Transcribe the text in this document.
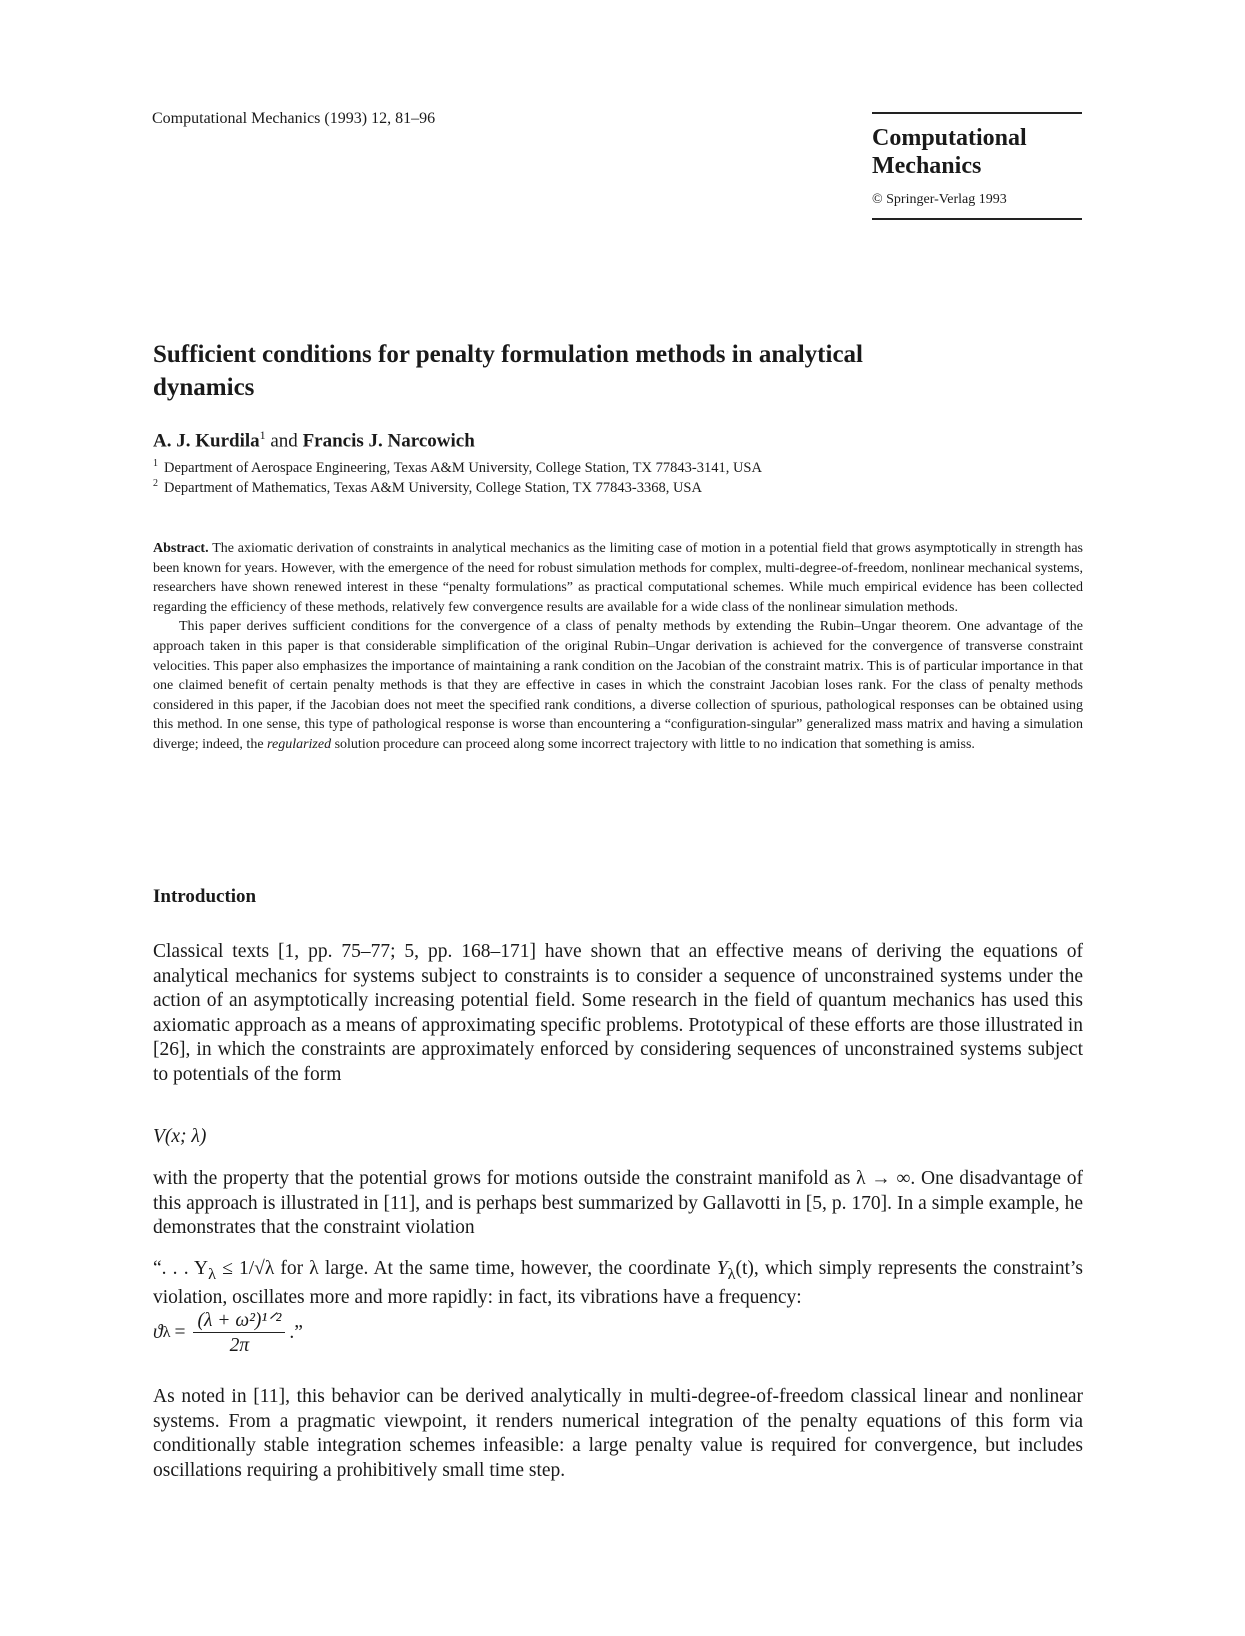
Computational Mechanics (1993) 12, 81–96
Computational
Mechanics
© Springer-Verlag 1993
Sufficient conditions for penalty formulation methods in analytical dynamics
A. J. Kurdila$^1$ and Francis J. Narcowich
$^1$ Department of Aerospace Engineering, Texas A&M University, College Station, TX 77843-3141, USA
$^2$ Department of Mathematics, Texas A&M University, College Station, TX 77843-3368, USA

Abstract. The axiomatic derivation of constraints in analytical mechanics as the limiting case of motion in a potential field that grows asymptotically in strength has been known for years. However, with the emergence of the need for robust simulation methods for complex, multi-degree-of-freedom, nonlinear mechanical systems, researchers have shown renewed interest in these “penalty formulations” as practical computational schemes. While much empirical evidence has been collected regarding the efficiency of these methods, relatively few convergence results are available for a wide class of the nonlinear simulation methods.

This paper derives sufficient conditions for the convergence of a class of penalty methods by extending the Rubin–Ungar theorem. One advantage of the approach taken in this paper is that considerable simplification of the original Rubin–Ungar derivation is achieved for the convergence of transverse constraint velocities. This paper also emphasizes the importance of maintaining a rank condition on the Jacobian of the constraint matrix. This is of particular importance in that one claimed benefit of certain penalty methods is that they are effective in cases in which the constraint Jacobian loses rank. For the class of penalty methods considered in this paper, if the Jacobian does not meet the specified rank conditions, a diverse collection of spurious, pathological responses can be obtained using this method. In one sense, this type of pathological response is worse than encountering a “configuration-singular” generalized mass matrix and having a simulation diverge; indeed, the regularized solution procedure can proceed along some incorrect trajectory with little to no indication that something is amiss.

Introduction

Classical texts [1, pp. 75–77; 5, pp. 168–171] have shown that an effective means of deriving the equations of analytical mechanics for systems subject to constraints is to consider a sequence of unconstrained systems under the action of an asymptotically increasing potential field. Some research in the field of quantum mechanics has used this axiomatic approach as a means of approximating specific problems. Prototypical of these efforts are those illustrated in [26], in which the constraints are approximately enforced by considering sequences of unconstrained systems subject to potentials of the form

V(x; λ)

with the property that the potential grows for motions outside the constraint manifold as λ → ∞. One disadvantage of this approach is illustrated in [11], and is perhaps best summarized by Gallavotti in [5, p. 170]. In a simple example, he demonstrates that the constraint violation

“. . . $Y_\lambda \le 1/√\lambda$ for λ large. At the same time, however, the coordinate $Y_\lambda(t)$, which simply represents the constraint’s violation, oscillates more and more rapidly: in fact, its vibrations have a frequency:

ϑ $\lambda = \frac{\text{(λ + ω²)¹ᐟ²}}{2\pi}$ .”

As noted in [11], this behavior can be derived analytically in multi-degree-of-freedom classical linear and nonlinear systems. From a pragmatic viewpoint, it renders numerical integration of the penalty equations of this form via conditionally stable integration schemes infeasible: a large penalty value is required for convergence, but includes oscillations requiring a prohibitively small time step.
